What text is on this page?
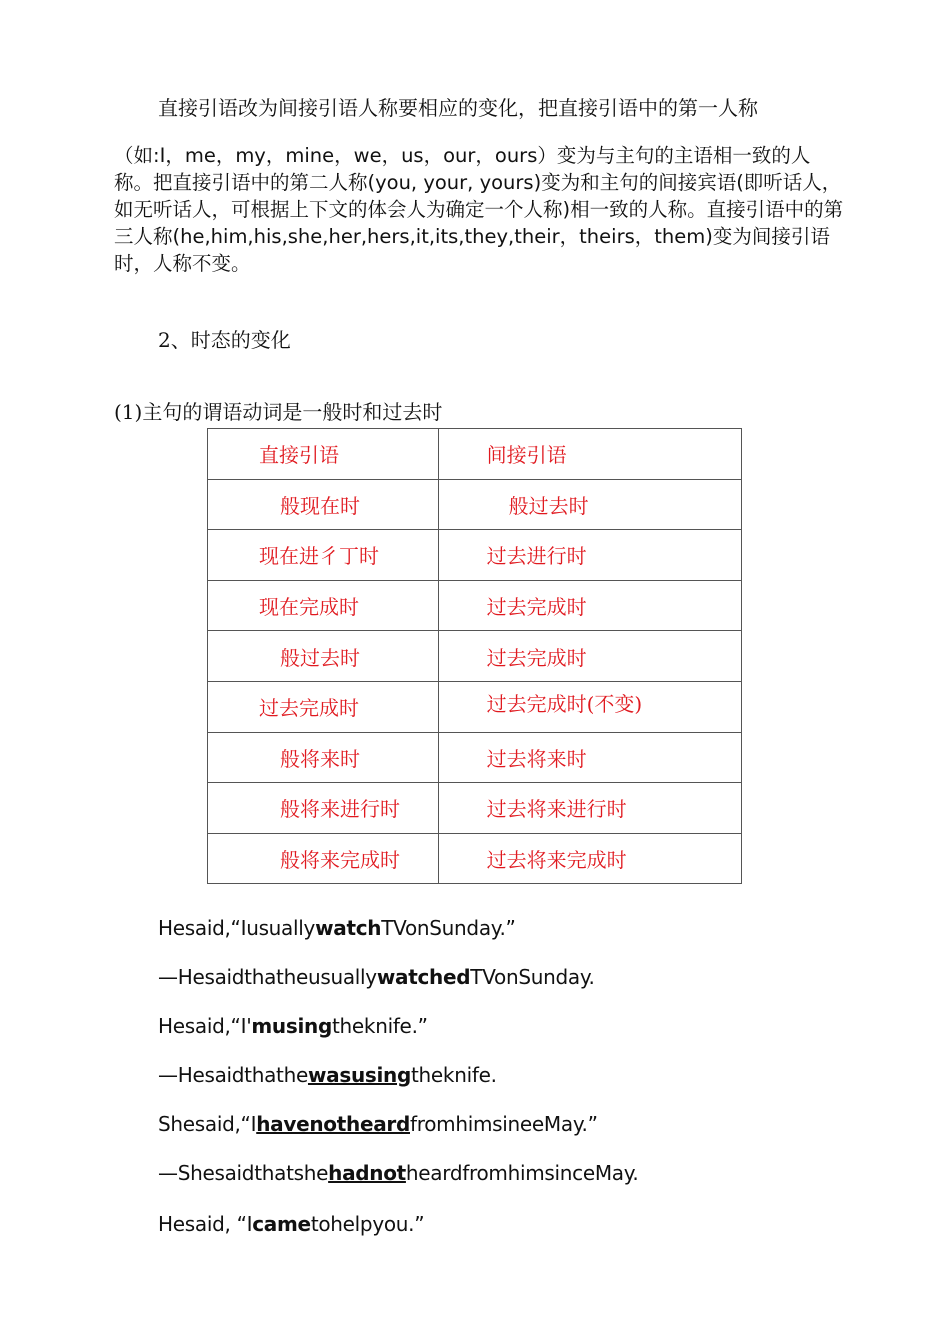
直接引语改为间接引语人称要相应的变化，把直接引语中的第一人称

（如:I，me，my，mine，we，us，our，ours）变为与主句的主语相一致的人称。把直接引语中的第二人称(you, your, yours)变为和主句的间接宾语(即听话人，如无听话人，可根据上下文的体会人为确定一个人称)相一致的人称。直接引语中的第三人称(he,him,his,she,her,hers,it,its,they,their，theirs，them)变为间接引语时，人称不变。

2、时态的变化

(1)主句的谓语动词是一般时和过去时

直接引语	间接引语
般现在时	般过去时
现在进彳丁时	过去进行时
现在完成时	过去完成时
般过去时	过去完成时
过去完成时	过去完成时(不变)
般将来时	过去将来时
般将来进行时	过去将来进行时
般将来完成时	过去将来完成时
Hesaid,“IusuallywatchTVonSunday.”
—HesaidthatheusuallywatchedTVonSunday.
Hesaid,“I'musingtheknife.”
—Hesaidthathewasusingtheknife.
Shesaid,“IhavenotheardfromhimsineeMay.”
—ShesaidthatshehadnotheardfromhimsinceMay.
Hesaid, “Icametohelpyou.”
